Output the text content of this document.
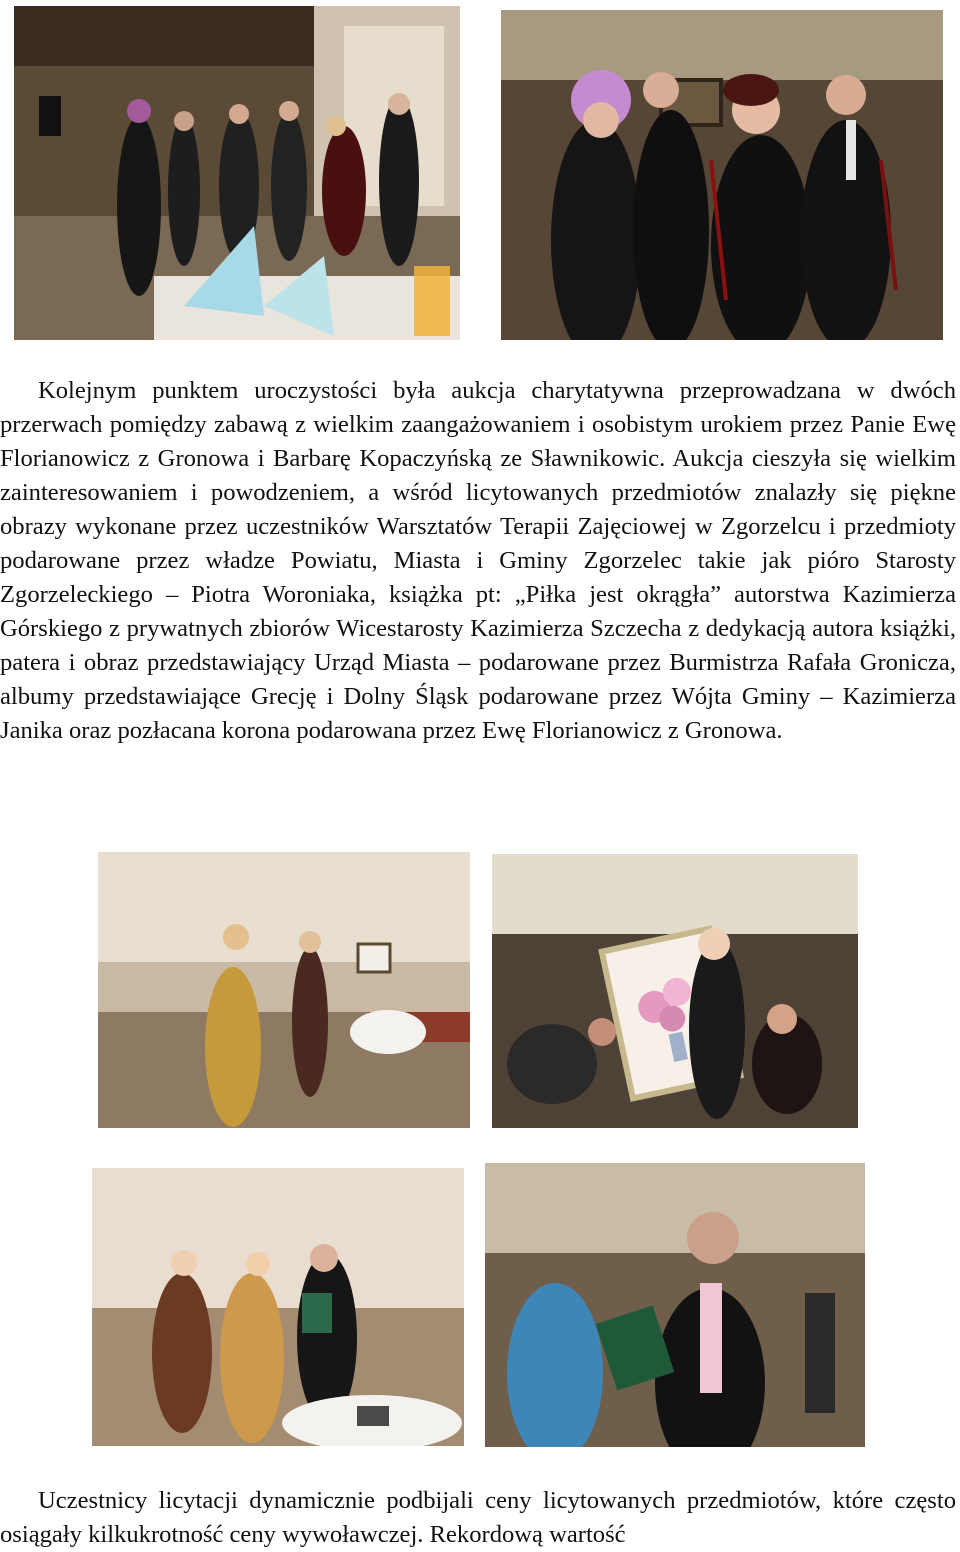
Kolejnym punktem uroczystości była aukcja charytatywna przeprowadzana w dwóch przerwach pomiędzy zabawą z wielkim zaangażowaniem i osobistym urokiem przez Panie Ewę Florianowicz z Gronowa i Barbarę Kopaczyńską ze Sławnikowic. Aukcja cieszyła się wielkim zainteresowaniem i powodzeniem, a wśród licytowanych przedmiotów znalazły się piękne obrazy wykonane przez uczestników Warsztatów Terapii Zajęciowej w Zgorzelcu i przedmioty podarowane przez władze Powiatu, Miasta i Gminy Zgorzelec takie jak pióro Starosty Zgorzeleckiego – Piotra Woroniaka, książka pt: „Piłka jest okrągła” autorstwa Kazimierza Górskiego z prywatnych zbiorów Wicestarosty Kazimierza Szczecha z dedykacją autora książki, patera i obraz przedstawiający Urząd Miasta – podarowane przez Burmistrza Rafała Gronicza, albumy przedstawiające Grecję i Dolny Śląsk podarowane przez Wójta Gminy – Kazimierza Janika oraz pozłacana korona podarowana przez Ewę Florianowicz z Gronowa.

Uczestnicy licytacji dynamicznie podbijali ceny licytowanych przedmiotów, które często osiągały kilkukrotność ceny wywoławczej. Rekordową wartość
